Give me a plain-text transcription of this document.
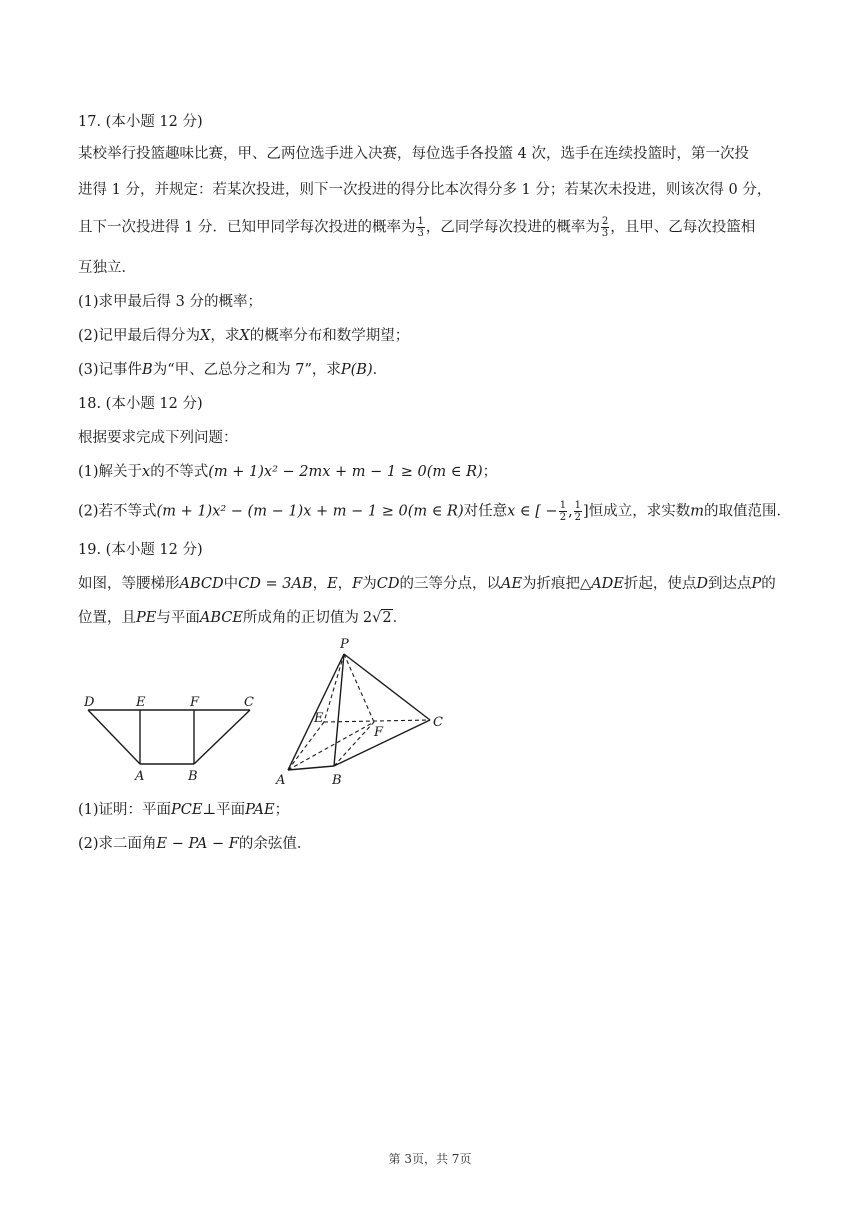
17. (本小题 12 分)
某校举行投篮趣味比赛，甲、乙两位选手进入决赛，每位选手各投篮 4 次，选手在连续投篮时，第一次投
进得 1 分，并规定：若某次投进，则下一次投进的得分比本次得分多 1 分；若某次未投进，则该次得 0 分，
且下一次投进得 1 分．已知甲同学每次投进的概率为 $\frac{1}{3}$ ，乙同学每次投进的概率为 $\frac{2}{3}$ ，且甲、乙每次投篮相
互独立．
(1)求甲最后得 3 分的概率；
(2)记甲最后得分为X，求X的概率分布和数学期望；
(3)记事件B为“甲、乙总分之和为 7”，求P(B)．
18. (本小题 12 分)
根据要求完成下列问题：
(1)解关于x的不等式(m + 1)x² − 2mx + m − 1 ≥ 0(m ∈ R)；
(2)若不等式(m + 1)x² − (m − 1)x + m − 1 ≥ 0(m ∈ R)对任意x ∈ [ − $\frac{1}{2}$ , $\frac{1}{2}$ ]恒成立，求实数m的取值范围．
19. (本小题 12 分)
如图，等腰梯形ABCD中CD = 3AB，E，F为CD的三等分点，以AE为折痕把△ADE折起，使点D到达点P的
位置，且PE与平面ABCE所成角的正切值为 2√2．
D	E	F	C
A	B
P
E
F
C
A	B
(1)证明：平面PCE⊥平面PAE；
(2)求二面角E − PA − F的余弦值．
第 3页，共 7页
